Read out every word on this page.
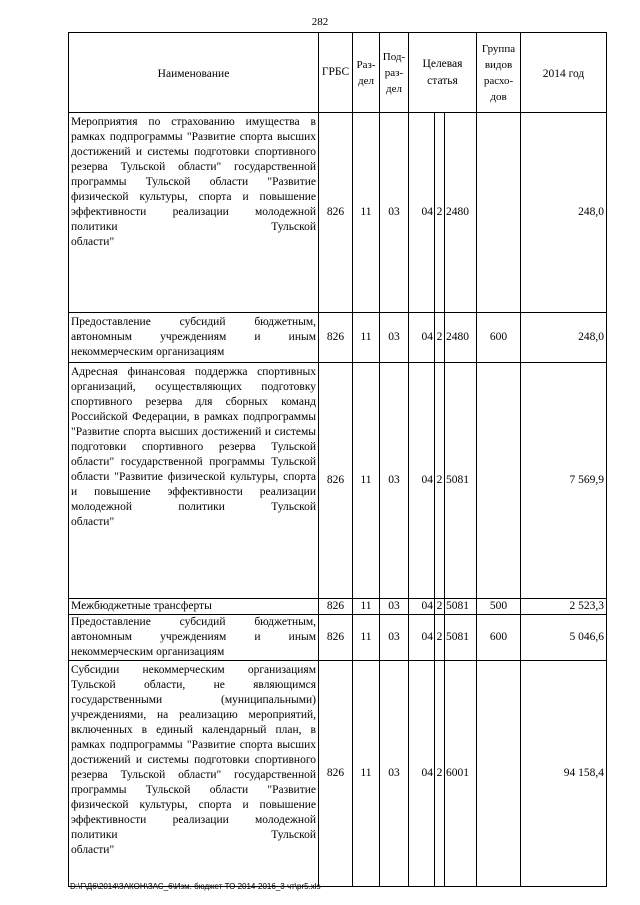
282
Наименование	ГРБС	Раз-
дел	Под-
раз-
дел	Целевая
статья			Группа
видов
расхо-
дов	2014 год
Мероприятия по страхованию имущества в рамках подпрограммы "Развитие спорта высших достижений и системы подготовки спортивного резерва Тульской области" государственной программы Тульской области "Развитие физической культуры, спорта и повышение эффективности реализации молодежной политики Тульской
области"	826	11	03	04	2	2480		248,0
Предоставление субсидий бюджетным, автономным учреждениям и иным
некоммерческим организациям	826	11	03	04	2	2480	600	248,0
Адресная финансовая поддержка спортивных организаций, осуществляющих подготовку спортивного резерва для сборных команд Российской Федерации, в рамках подпрограммы "Развитие спорта высших достижений и системы подготовки спортивного резерва Тульской области" государственной программы Тульской области "Развитие физической культуры, спорта и повышение эффективности реализации молодежной политики Тульской
области"	826	11	03	04	2	5081		7 569,9

Межбюджетные трансферты	826	11	03	04	2	5081	500	2 523,3
Предоставление субсидий бюджетным, автономным учреждениям и иным
некоммерческим организациям	826	11	03	04	2	5081	600	5 046,6
Субсидии некоммерческим организациям Тульской области, не являющимся государственными (муниципальными) учреждениями, на реализацию мероприятий, включенных в единый календарный план, в рамках подпрограммы "Развитие спорта высших достижений и системы подготовки спортивного резерва Тульской области" государственной программы Тульской области "Развитие физической культуры, спорта и повышение эффективности реализации молодежной политики Тульской
области"	826	11	03	04	2	6001		94 158,4
D:\Г\Д6\2014\ЗАКОН\ЗАС_6\Изм. бюджет ТО 2014-2016_3 чт\pr5.xls
